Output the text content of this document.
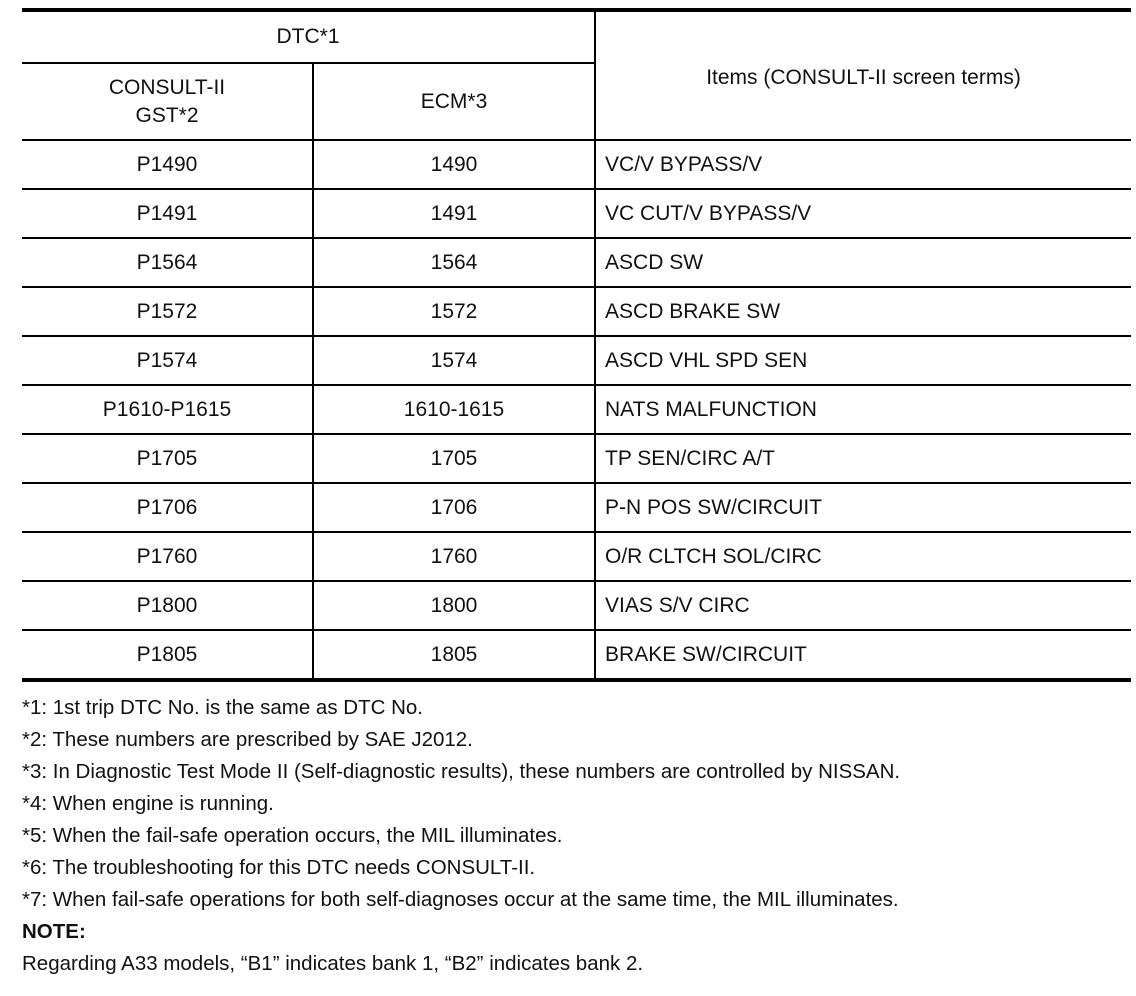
DTC*1		Items (CONSULT-II screen terms)
CONSULT-II
GST*2	ECM*3	
P1490	1490	VC/V BYPASS/V
P1491	1491	VC CUT/V BYPASS/V
P1564	1564	ASCD SW
P1572	1572	ASCD BRAKE SW
P1574	1574	ASCD VHL SPD SEN
P1610-P1615	1610-1615	NATS MALFUNCTION
P1705	1705	TP SEN/CIRC A/T
P1706	1706	P-N POS SW/CIRCUIT
P1760	1760	O/R CLTCH SOL/CIRC
P1800	1800	VIAS S/V CIRC
P1805	1805	BRAKE SW/CIRCUIT
*1: 1st trip DTC No. is the same as DTC No.
*2: These numbers are prescribed by SAE J2012.
*3: In Diagnostic Test Mode II (Self-diagnostic results), these numbers are controlled by NISSAN.
*4: When engine is running.
*5: When the fail-safe operation occurs, the MIL illuminates.
*6: The troubleshooting for this DTC needs CONSULT-II.
*7: When fail-safe operations for both self-diagnoses occur at the same time, the MIL illuminates.
NOTE:
Regarding A33 models, “B1” indicates bank 1, “B2” indicates bank 2.
